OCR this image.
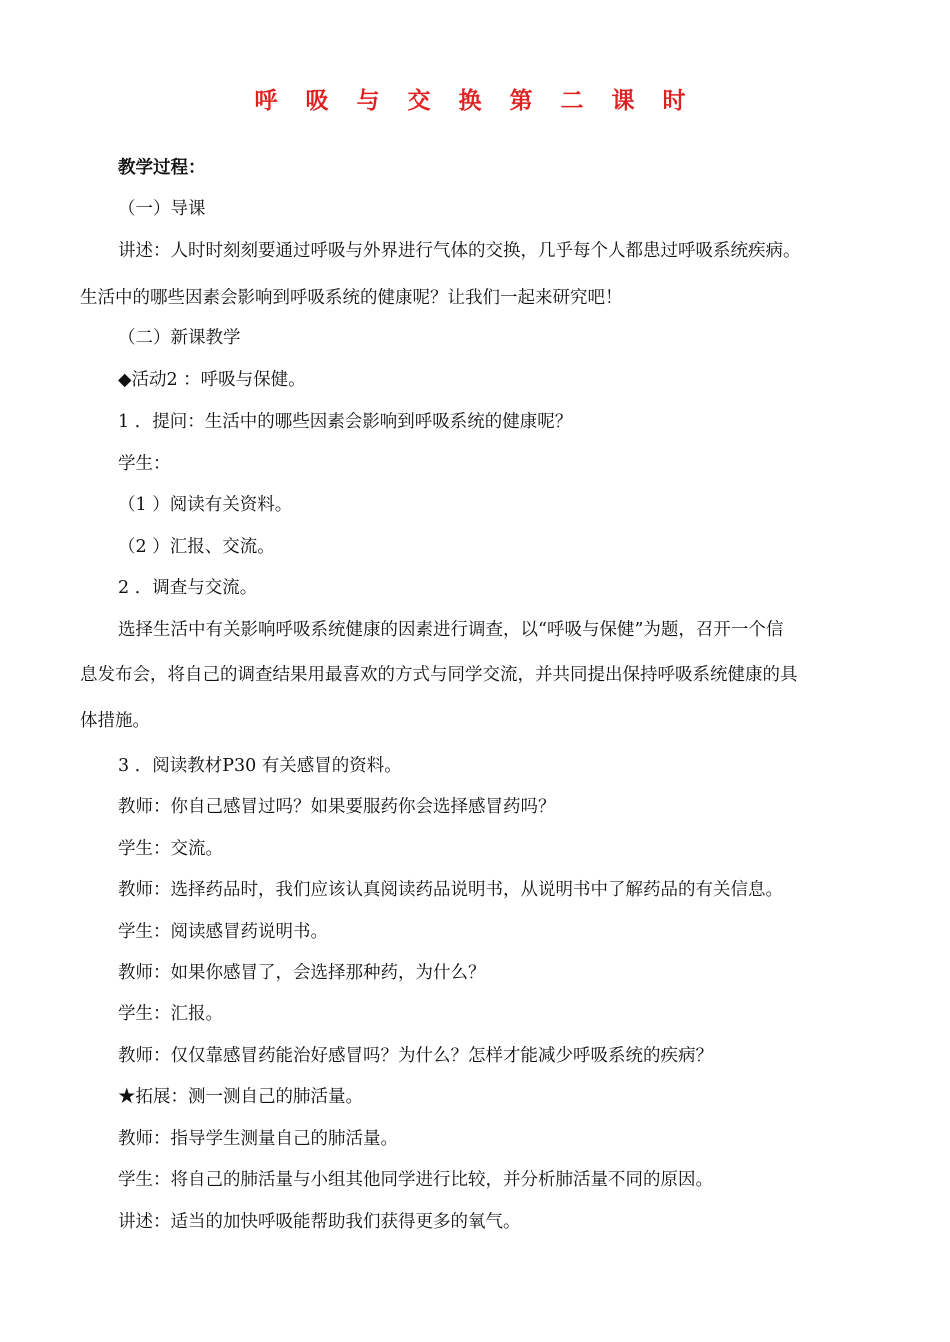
呼 吸 与 交 换 第 二 课 时
教学过程：
（一）导课
讲述：人时时刻刻要通过呼吸与外界进行气体的交换，几乎每个人都患过呼吸系统疾病。
生活中的哪些因素会影响到呼吸系统的健康呢？让我们一起来研究吧！
（二）新课教学
◆活动2 ：呼吸与保健。
1 ．提问：生活中的哪些因素会影响到呼吸系统的健康呢？
学生：
（1 ）阅读有关资料。
（2 ）汇报、交流。
2 ．调查与交流。
选择生活中有关影响呼吸系统健康的因素进行调查，以“呼吸与保健”为题，召开一个信
息发布会，将自己的调查结果用最喜欢的方式与同学交流，并共同提出保持呼吸系统健康的具
体措施。
3 ．阅读教材P30 有关感冒的资料。
教师：你自己感冒过吗？如果要服药你会选择感冒药吗？
学生：交流。
教师：选择药品时，我们应该认真阅读药品说明书，从说明书中了解药品的有关信息。
学生：阅读感冒药说明书。
教师：如果你感冒了，会选择那种药，为什么？
学生：汇报。
教师：仅仅靠感冒药能治好感冒吗？为什么？怎样才能减少呼吸系统的疾病？
★拓展：测一测自己的肺活量。
教师：指导学生测量自己的肺活量。
学生：将自己的肺活量与小组其他同学进行比较，并分析肺活量不同的原因。
讲述：适当的加快呼吸能帮助我们获得更多的氧气。
